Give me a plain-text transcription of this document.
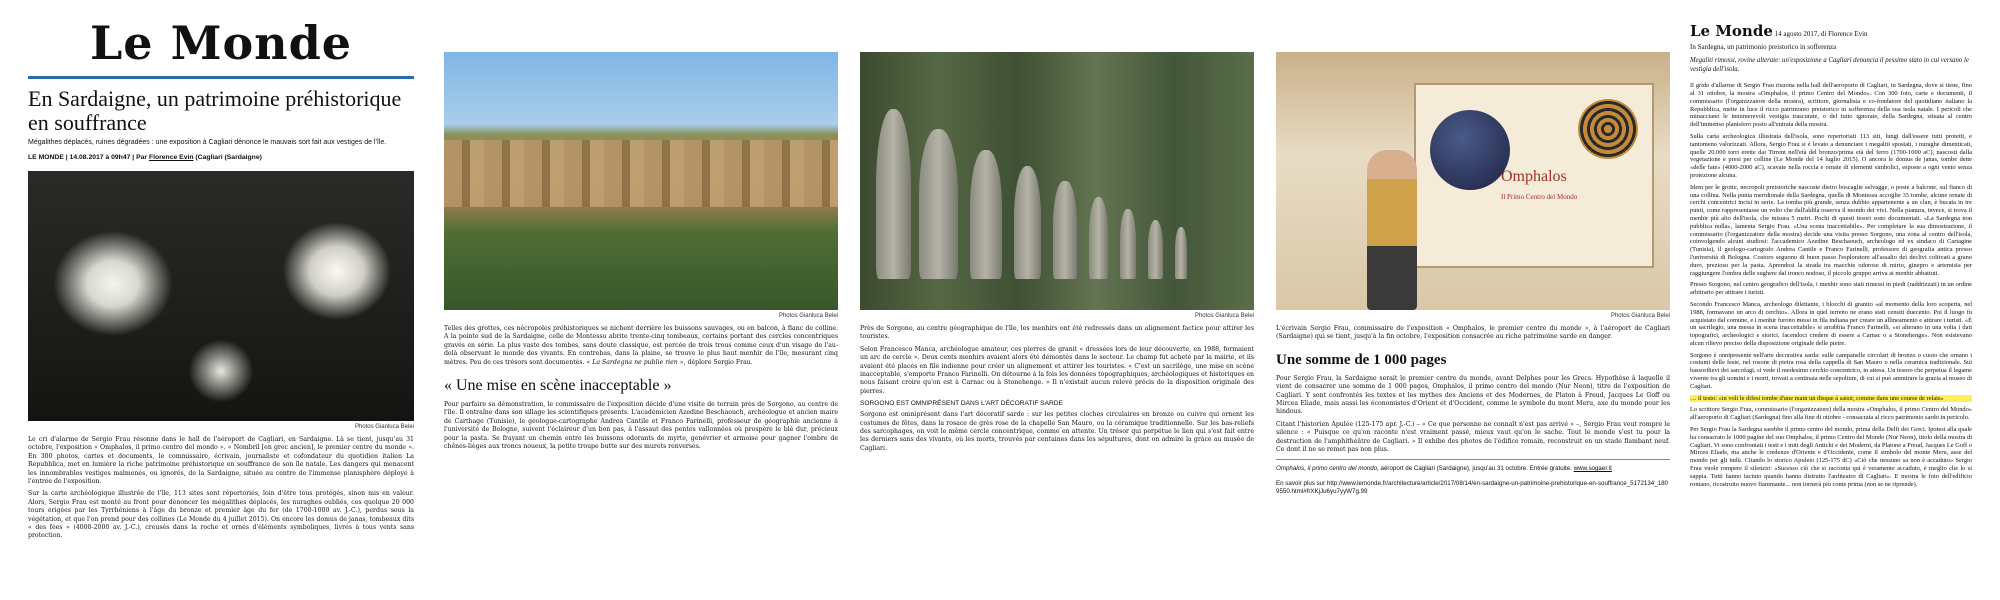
Le Monde
En Sardaigne, un patrimoine préhistorique en souffrance
Mégalithes déplacés, ruines dégradées : une exposition à Cagliari dénonce le mauvais sort fait aux vestiges de l'île.
LE MONDE | 14.08.2017 à 09h47 | Par Florence Evin (Cagliari (Sardaigne)
Photos Gianluca Belei

Le cri d'alarme de Sergio Frau résonne dans le hall de l'aéroport de Cagliari, en Sardaigne. Là se tient, jusqu'au 31 octobre, l'exposition « Omphalos, il primo centro del mondo ». « Nombril [en grec ancien], le premier centre du monde ». En 300 photos, cartes et documents, le commissaire, écrivain, journaliste et cofondateur du quotidien italien La Repubblica, met en lumière la riche patrimoine préhistorique en souffrance de son île natale. Les dangers qui menacent les innombrables vestiges malmenés, ou ignorés, de la Sardaigne, située au centre de l'immense planisphère déployé à l'entrée de l'exposition.

Sur la carte archéologique illustrée de l'île, 113 sites sont répertoriés, loin d'être tous protégés, sinon mis en valeur. Alors, Sergio Frau est monté au front pour dénoncer les mégalithes déplacés, les nuraghes oubliés, ces quelque 20 000 tours érigées par les Tyrrhéniens à l'âge du bronze et premier âge du fer (de 1700-1000 av. J.-C.), perdus sous la végétation, et que l'on prend pour des collines (Le Monde du 4 juillet 2015). On encore les domus de janas, tombeaux dits « des fées » (4000-2000 av. J.-C.), creusés dans la roche et ornés d'éléments symboliques, livrés à tous vents sans protection.

Photos Gianluca Belei

Telles des grottes, ces nécropoles préhistoriques se nichent derrière les buissons sauvages, ou en balcon, à flanc de colline. A la pointe sud de la Sardaigne, celle de Montessu abrite trente-cinq tombeaux, certains portant des cercles concentriques gravés en série. La plus vaste des tombes, sans doute classique, est percée de trois trous comme ceux d'un visage de l'au-delà observant le monde des vivants. En contrebas, dans la plaine, se trouve le plus haut menhir de l'île, mesurant cinq mètres. Peu de ces trésors sont documentés. « La Sardegna ne publie rien », déplore Sergio Frau.

« Une mise en scène inacceptable »

Pour parfaire sa démonstration, le commissaire de l'exposition décide d'une visite de terrain près de Sorgono, au centre de l'île. Il entraîne dans son sillage les scientifiques présents. L'académicien Azedine Beschaouch, archéologue et ancien maire de Carthage (Tunisie), le géologue-cartographe Andrea Cantile et Franco Farinelli, professeur de géographie ancienne à l'université de Bologne, suivent l'éclaireur d'un bon pas, à l'assaut des pentes vallonnées où prospère le blé dur, précieux pour la pasta. Se frayant un chemin entre les buissons odorants de myrte, genévrier et armoise pour gagner l'ombre de chênes-lièges aux troncs noueux, la petite troupe butte sur des murets renversés.

Photos Gianluca Belei

Près de Sorgono, au centre géographique de l'île, les menhirs ont été redressés dans un alignement factice pour attirer les touristes.

Selon Francesco Manca, archéologue amateur, ces pierres de granit « dressées lors de leur découverte, en 1988, formaient un arc de cercle ». Deux cents menhirs avaient alors été démontés dans le secteur. Le champ fut acheté par la mairie, et ils avaient été placés en file indienne pour créer un alignement et attirer les touristes. « C'est un sacrilège, une mise en scène inacceptable, s'emporte Franco Farinelli. On détourne à la fois les données topographiques, archéologiques et historiques en nous faisant croire qu'on est à Carnac ou à Stonehenge. » Il n'existait aucun relevé précis de la disposition originale des pierres.

SORGONO EST OMNIPRÉSENT DANS L'ART DÉCORATIF SARDE

Sorgono est omniprésent dans l'art décoratif sarde : sur les petites cloches circulaires en bronze ou cuivre qui ornent les costumes de fêtes, dans la rosace de grès rose de la chapelle San Mauro, ou la céramique traditionnelle. Sur les bas-reliefs des sarcophages, on voit le même cercle concentrique, comme en attente. Un trésor qui perpétue le lien qui s'est fait entre les derniers sans des vivants, où les morts, trouvés par centaines dans les sépultures, dont on admire la grâce au musée de Cagliari.

Omphalos
Il Primo Centro del Mondo
Photos Gianluca Belei

L'écrivain Sergio Frau, commissaire de l'exposition « Omphalos, le premier centre du monde », à l'aéroport de Cagliari (Sardaigne) qui se tient, jusqu'à la fin octobre, l'exposition consacrée au riche patrimoine sarde en danger.

Une somme de 1 000 pages

Pour Sergio Frau, la Sardaigne serait le premier centre du monde, avant Delphes pour les Grecs. Hypothèse à laquelle il vient de consacrer une somme de 1 000 pages, Omphalos, il primo centro del mondo (Nur Neon), titre de l'exposition de Cagliari. Y sont confrontés les textes et les mythes des Anciens et des Modernes, de Platon à Freud, Jacques Le Goff ou Mircea Eliade, mais aussi les économistes d'Orient et d'Occident, comme le symbole du mont Meru, axe du monde pour les hindous.

Citant l'historien Apulée (125-175 apr. J.-C.) – « Ce que personne ne connaît n'est pas arrivé » –, Sergio Frau veut rompre le silence : « Puisque ce qu'on raconte n'est vraiment passé, mieux vaut qu'on le sache. Tout le monde s'est tu pour la destruction de l'amphithéâtre de Cagliari. » Il exhibe des photos de l'édifice romain, reconstruit en un stade flambant neuf. Ce dont il ne se remet pas non plus.

Omphalos, il primo centro del mondo, aéroport de Cagliari (Sardaigne), jusqu'au 31 octobre. Entrée gratuite. www.sogaer.it

En savoir plus sur http://www.lemonde.fr/architecture/article/2017/08/14/en-sardaigne-un-patrimoine-prehistorique-en-souffrance_5172134_1809550.html#frXKjJu6yu7yyW7g.99

Le Monde 14 agosto 2017, di Florence Evin
In Sardegna, un patrimonio preistorico in sofferenza
Megaliti rimossi, rovine alterate: un'esposizione a Cagliari denuncia il pessimo stato in cui versano le vestigia dell'isola.

Il grido d'allarme di Sergio Frau risuona nella hall dell'aeroporto di Cagliari, in Sardegna, dove si tiene, fino al 31 ottobre, la mostra «Omphalos, il primo Centro del Mondo». Con 300 foto, carte e documenti, il commissario (l'organizzatore della mostra), scrittore, giornalista e co-fondatore del quotidiano italiano la Repubblica, mette in luce il ricco patrimonio preistorico in sofferenza della sua isola natale. I pericoli che minacciano le innumerevoli vestigia trascurate, o del tutto ignorate, della Sardegna, situata al centro dell'immenso planisfero posto all'entrata della mostra.

Sulla carta archeologica illustrata dell'isola, sono repertoriati 113 siti, lungi dall'essere tutti protetti, e tantomeno valorizzati. Allora, Sergio Frau si è levato a denunciare i megaliti spostati, i nuraghe dimenticati, quelle 20.000 torri erette dai Tirreni nell'età del bronzo/prima età del ferro (1700-1000 aC), nascosti dalla vegetazione e presi per colline (Le Monde del 14 luglio 2015). O ancora le domus de janas, tombe dette «delle fate» (4000-2000 aC), scavate nella roccia e ornate di elementi simbolici, esposte a ogni vento senza protezione alcuna.

Idem per le grotte, necropoli preistoriche nascoste dietro boscaglie selvagge, o poste a balcone, sul fianco di una collina. Nella punta meridionale della Sardegna, quella di Montessu accoglie 35 tombe, alcune ornate di cerchi concentrici incisi in serie. La tomba più grande, senza dubbio appartenente a un clan, è bucata in tre punti, come rappresentasse un volto che dall'aldilà osserva il mondo dei vivi. Nella pianura, invece, si trova il menhir più alto dell'isola, che misura 5 metri. Pochi di questi tesori sono documentati. «La Sardegna non pubblica nulla», lamenta Sergio Frau. «Una scena inaccettabile». Per completare la sua dimostrazione, il commissario (l'organizzatore della mostra) decide una visita presso Sorgono, una zona al centro dell'isola, coinvolgendo alcuni studiosi: l'accademico Azedine Beschaouch, archeologo ed ex sindaco di Cartagine (Tunisia), il geologo-cartografo Andrea Cantile e Franco Farinelli, professore di geografia antica presso l'università di Bologna. Costoro seguono di buon passo l'esploratore all'assalto dei declivi coltivati a grano duro, prezioso per la pasta. Aprendosi la strada tra macchie odorose di mirto, ginepro e artemisia per raggiungere l'ombra delle sughere dal tronco nodoso, il piccolo gruppo arriva ai menhir abbattuti.

Presso Sorgono, nel centro geografico dell'isola, i menhir sono stati rimessi in piedi (raddrizzati) in un ordine arbitrario per attirare i turisti.

Secondo Francesco Manca, archeologo dilettante, i blocchi di granito «al momento della loro scoperta, nel 1988, formavano un arco di cerchio». Allora in quel terreno ne erano stati censiti duecento. Poi il luogo fu acquistato dal comune, e i menhir furono messi in fila indiana per creare un allineamento e attirare i turisti. «È un sacrilegio, una messa in scena inaccettabile» si arrabbia Franco Farinelli, «si alterano in una volta i dati topografici, archeologici e storici, facendoci credere di essere a Carnac o a Stonehenge». Non esistevano alcun rilievo preciso della disposizione originale delle pietre.

Sorgono è onnipresente nell'arte decorativa sarda: sulle campanelle circolari di bronzo o cuoio che ornano i costumi delle feste, nel rosone di pietra rosa della cappella di San Mauro o nella ceramica tradizionale. Sui bassorilievi dei sarcofagi, si vede il medesimo cerchio concentrico, in attesa. Un tesoro che perpetua il legame vivente tra gli uomini e i morti, trovati a centinaia nelle sepolture, di cui si può ammirare la grazia al museo di Cagliari.

… il testo: «in voli le difesi tombe d'une main un disque à saisir, comme dans une course de relais»

Lo scrittore Sergio Frau, commissario (l'organizzatore) della mostra «Omphalos, il primo Centro del Mondo» all'aeroporto di Cagliari (Sardegna) fino alla fine di ottobre - consacrata al ricco patrimonio sardo in pericolo.

Per Sergio Frau la Sardegna sarebbe il primo centro del mondo, prima della Delfi dei Greci. Ipotesi alla quale ha consacrato le 1000 pagine del suo Omphalos, il primo Centro del Mondo (Nur Neon), titolo della mostra di Cagliari. Vi sono confrontati i testi e i miti degli Antichi e dei Moderni, da Platone a Freud, Jacques Le Goff o Mircea Eliade, ma anche le credenze d'Oriente e d'Occidente, come il simbolo del monte Meru, asse del mondo per gli indù. Citando lo storico Apuleio (125-175 dC) «Ciò che nessuno sa non è accaduto» Sergio Frau vuole rompere il silenzio: «Sucesso ciò che si racconta qui è veramente accaduto, è meglio che lo si sappia. Tutti hanno taciuto quando hanno distrutto l'anfiteatro di Cagliari». E mostra le foto dell'edificio romano, ricostruito nuovo fiammante... non tornerà più come prima (non se ne riprende).
